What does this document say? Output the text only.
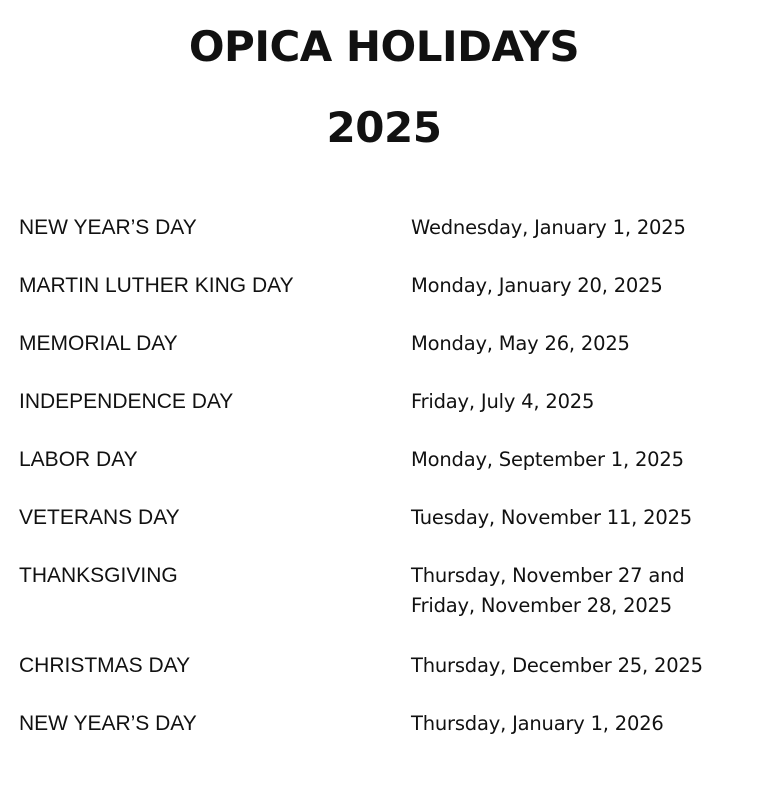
OPICA HOLIDAYS
2025
NEW YEAR’S DAY	Wednesday, January 1, 2025
MARTIN LUTHER KING DAY	Monday, January 20, 2025
MEMORIAL DAY	Monday, May 26, 2025
INDEPENDENCE DAY	Friday, July 4, 2025
LABOR DAY	Monday, September 1, 2025
VETERANS DAY	Tuesday, November 11, 2025
THANKSGIVING	Thursday, November 27 and
Friday, November 28, 2025
CHRISTMAS DAY	Thursday, December 25, 2025
NEW YEAR’S DAY	Thursday, January 1, 2026
